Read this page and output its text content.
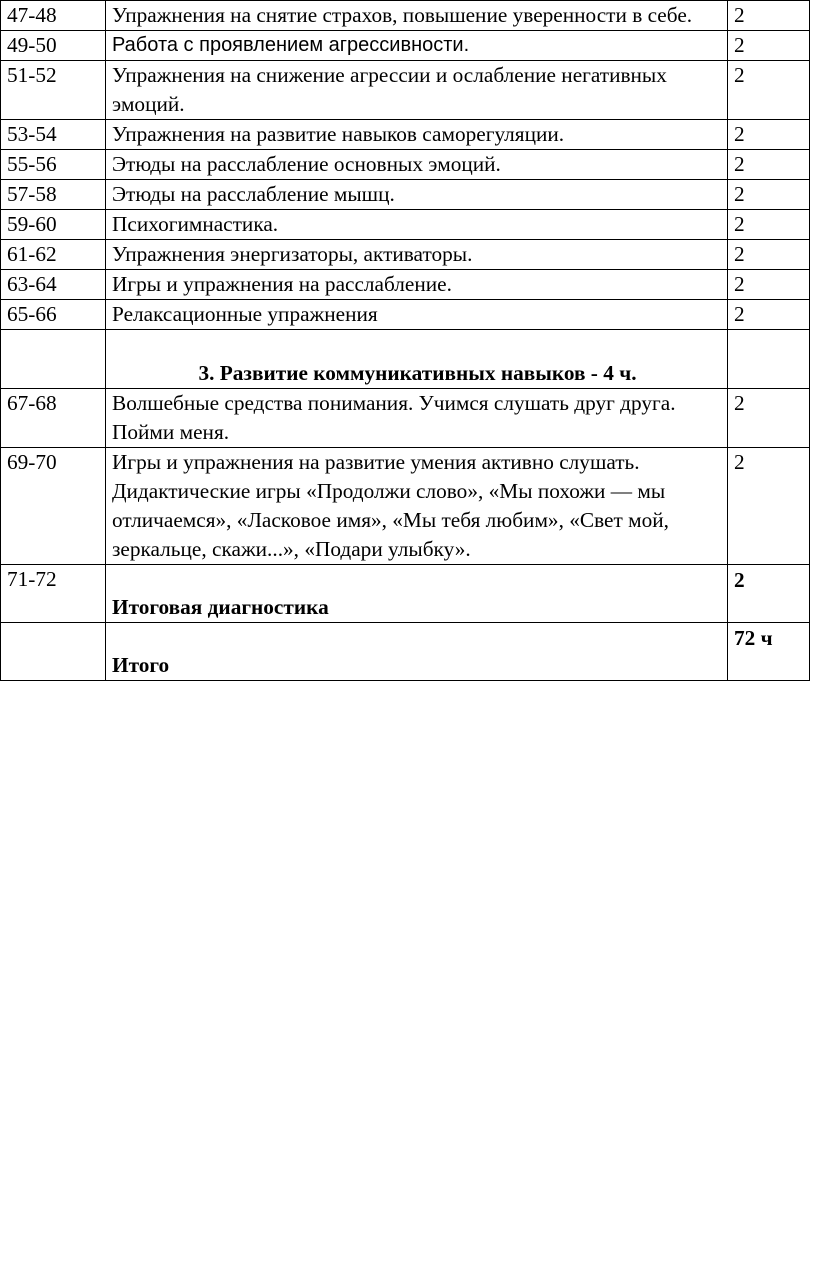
47-48	Упражнения на снятие страхов, повышение уверенности в себе.	2
49-50	Работа с проявлением агрессивности.	2
51-52	Упражнения на снижение агрессии и ослабление негативных эмоций.	2
53-54	Упражнения на развитие навыков саморегуляции.	2
55-56	Этюды на расслабление основных эмоций.	2
57-58	Этюды на расслабление мышц.	2
59-60	Психогимнастика.	2
61-62	Упражнения энергизаторы, активаторы.	2
63-64	Игры и упражнения на расслабление.	2
65-66	Релаксационные упражнения	2
	3. Развитие коммуникативных навыков - 4 ч.	
67-68	Волшебные средства понимания. Учимся слушать друг друга. Пойми меня.	2
69-70	Игры и упражнения на развитие умения активно слушать. Дидактические игры «Продолжи слово», «Мы похожи — мы отличаемся», «Ласковое имя», «Мы тебя любим», «Свет мой, зеркальце, скажи...», «Подари улыбку».	2
71-72	Итоговая диагностика	2
	Итого	72 ч
